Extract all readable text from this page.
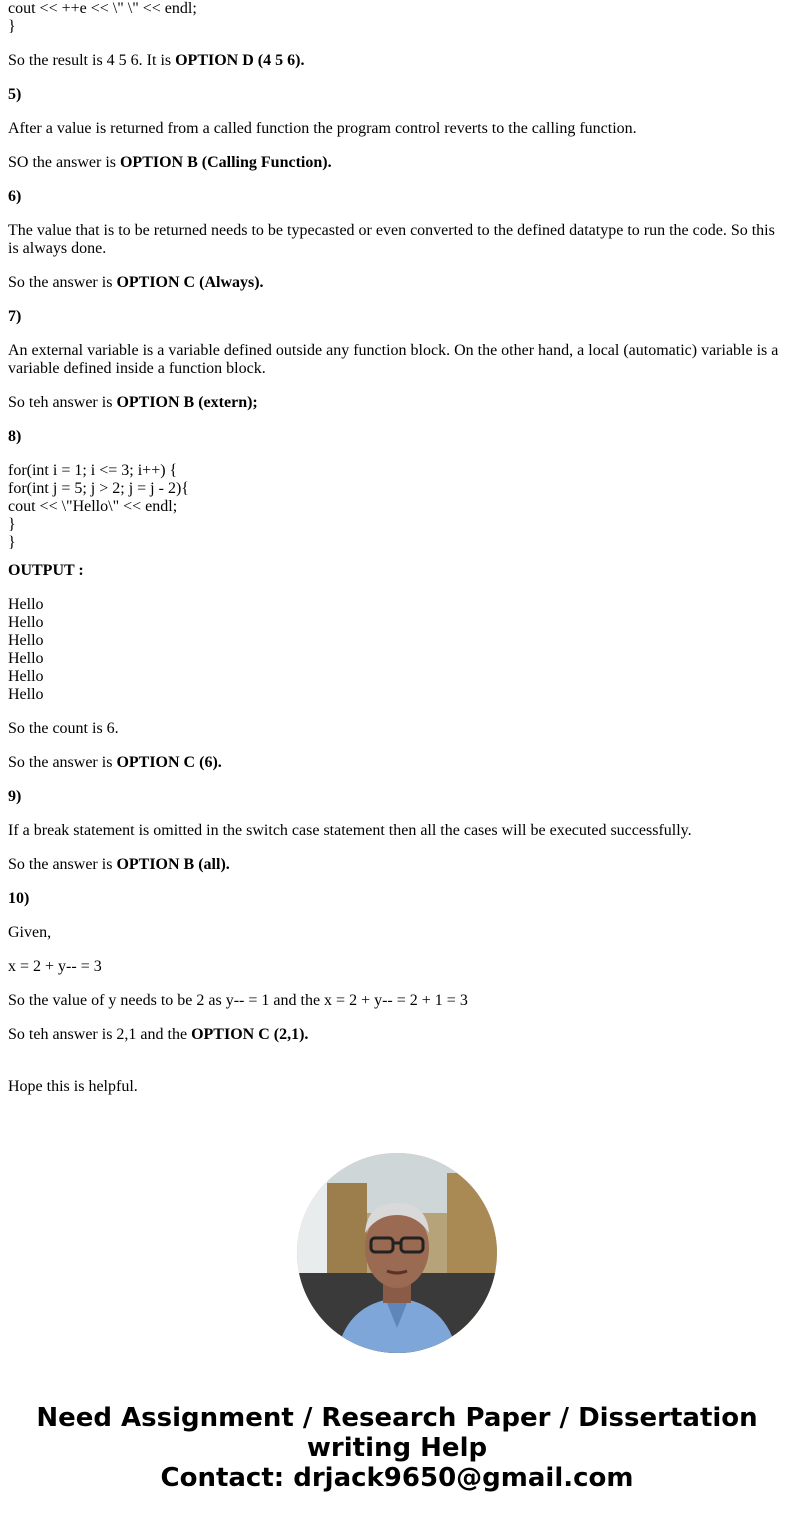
cout << ++e << \" \" << endl;
}

So the result is 4 5 6. It is OPTION D (4 5 6).

5)

After a value is returned from a called function the program control reverts to the calling function.

SO the answer is OPTION B (Calling Function).

6)

The value that is to be returned needs to be typecasted or even converted to the defined datatype to run the code. So this is always done.

So the answer is OPTION C (Always).

7)

An external variable is a variable defined outside any function block. On the other hand, a local (automatic) variable is a variable defined inside a function block.

So teh answer is OPTION B (extern);

8)

for(int i = 1; i <= 3; i++) {
for(int j = 5; j > 2; j = j - 2){
cout << \"Hello\" << endl;
}
}

OUTPUT :

Hello
Hello
Hello
Hello
Hello
Hello

So the count is 6.

So the answer is OPTION C (6).

9)

If a break statement is omitted in the switch case statement then all the cases will be executed successfully.

So the answer is OPTION B (all).

10)

Given,

x = 2 + y-- = 3

So the value of y needs to be 2 as y-- = 1 and the x = 2 + y-- = 2 + 1 = 3

So teh answer is 2,1 and the OPTION C (2,1).

Hope this is helpful.

Need Assignment / Research Paper / Dissertation
writing Help
Contact: drjack9650@gmail.com
